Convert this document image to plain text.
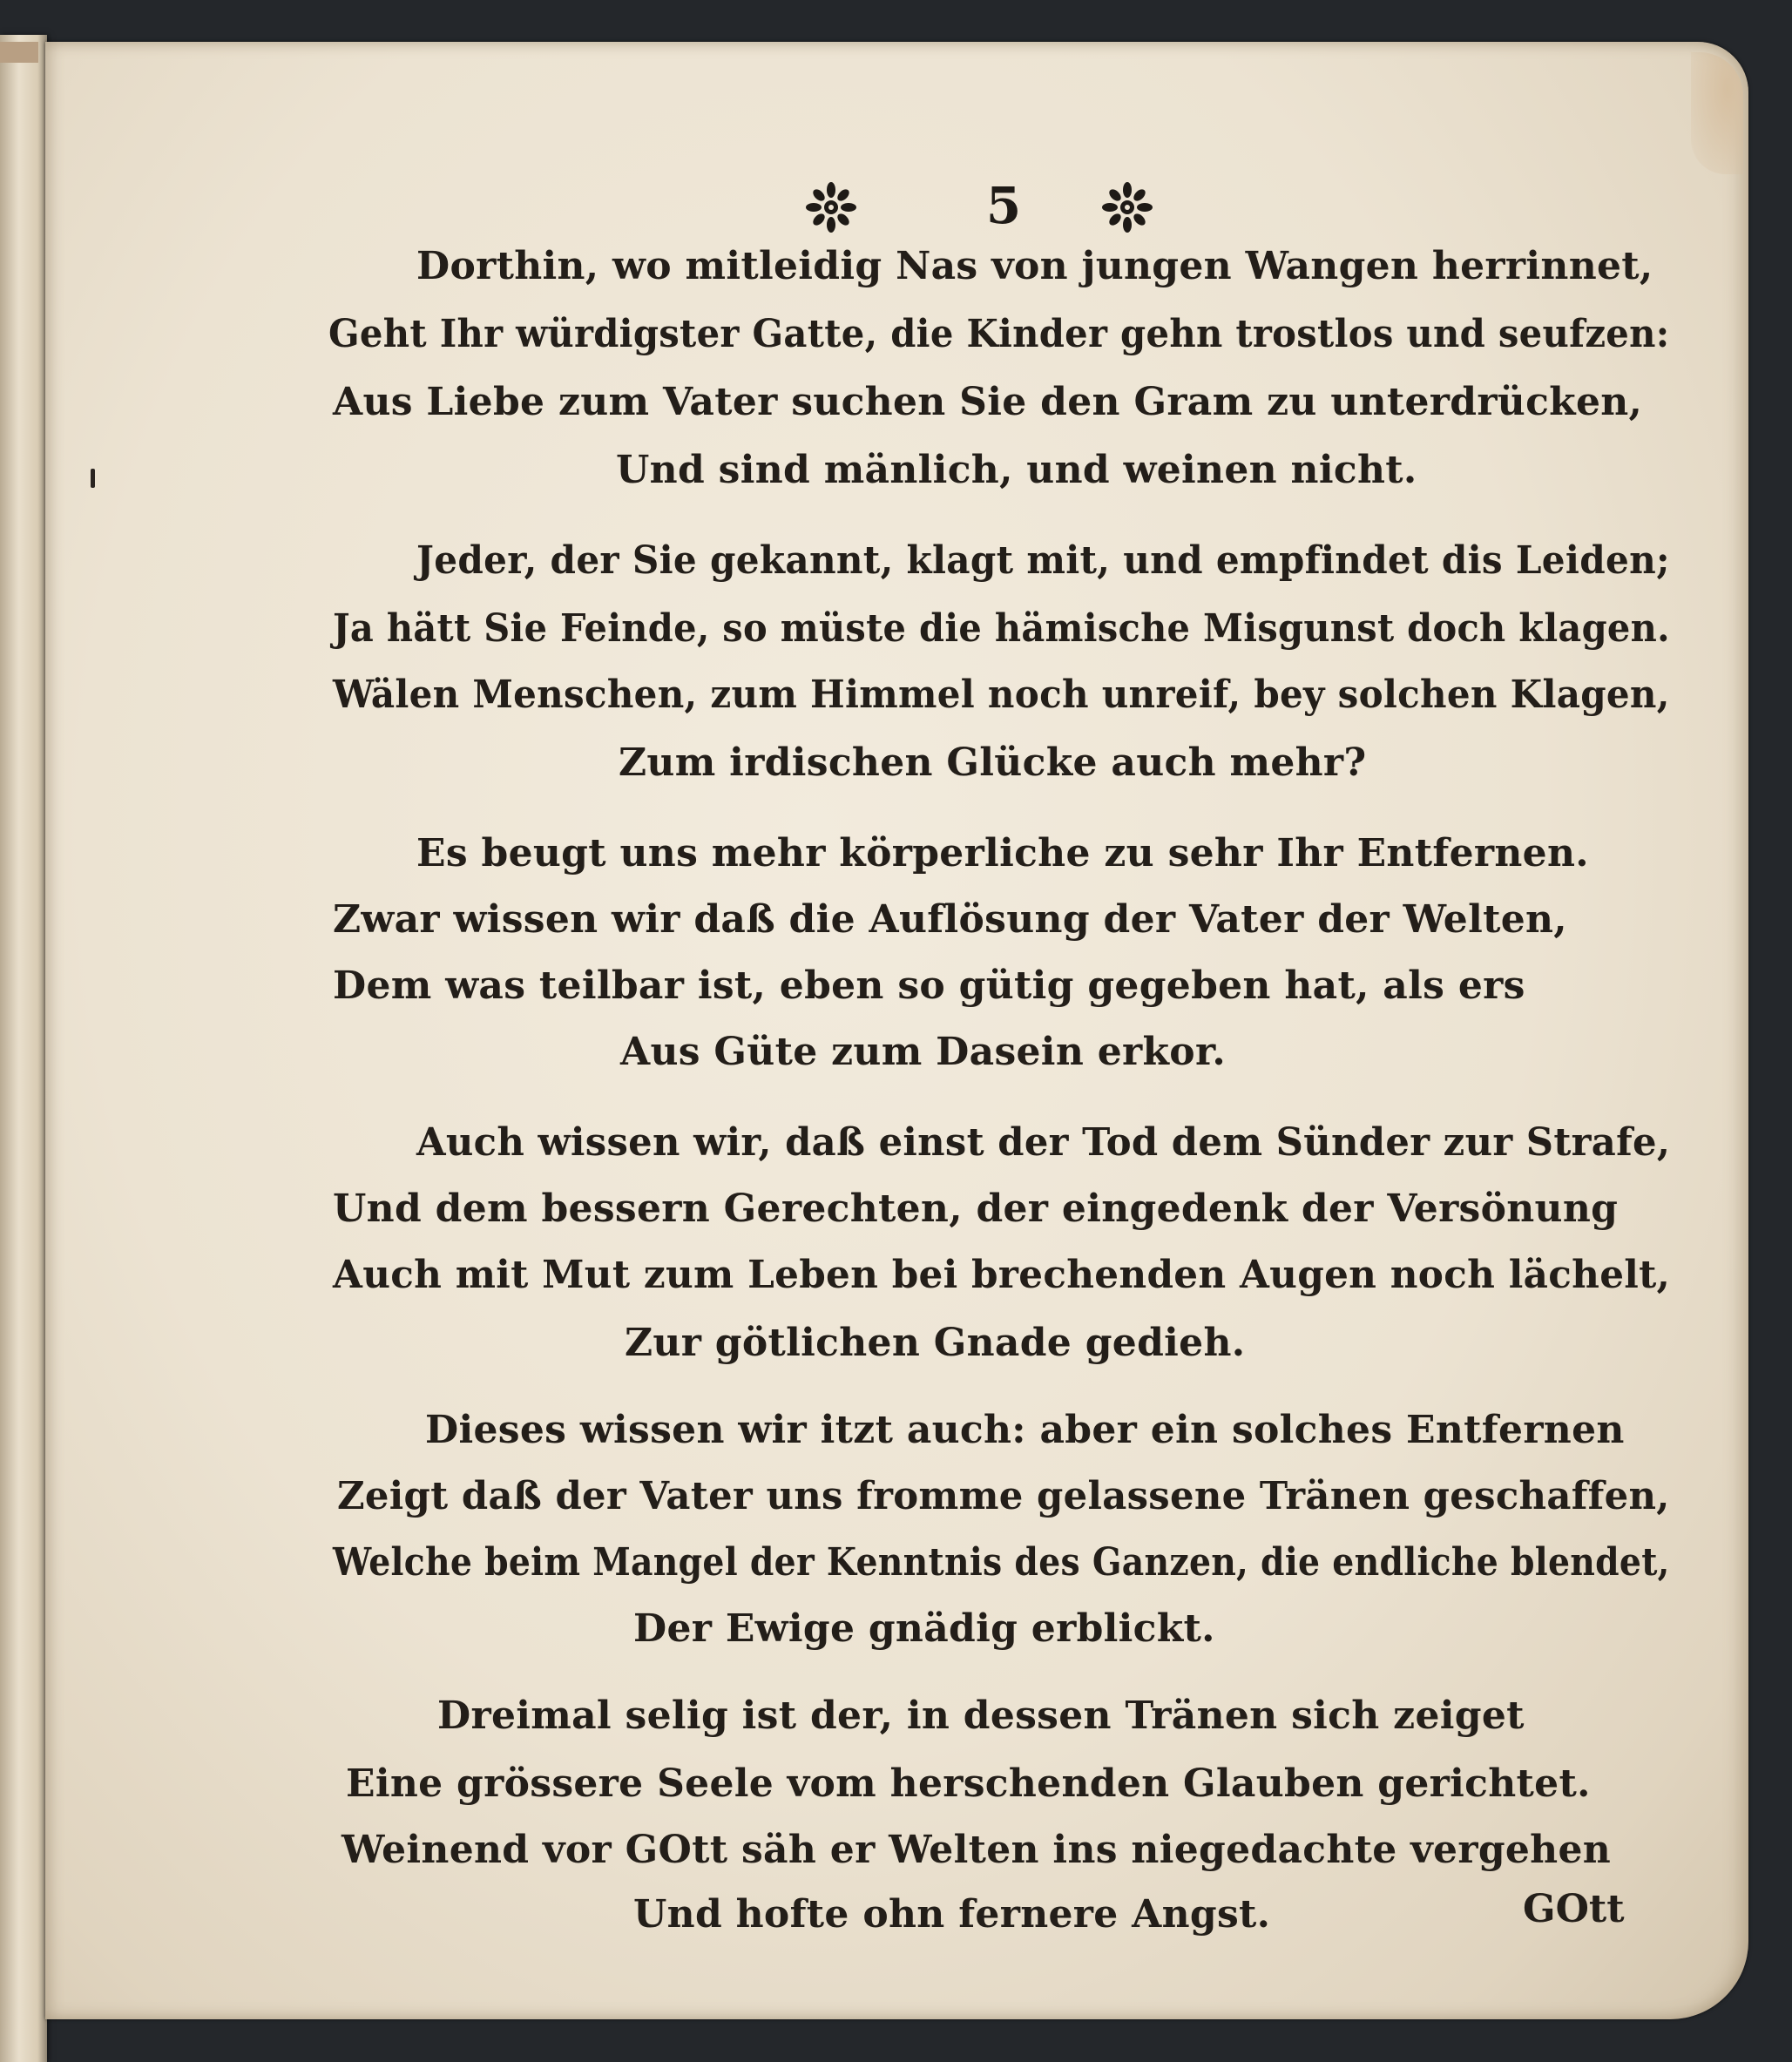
5
Dorthin, wo mitleidig Nas von jungen Wangen herrinnet,
Geht Ihr würdigster Gatte, die Kinder gehn trostlos und seufzen:
Aus Liebe zum Vater suchen Sie den Gram zu unterdrücken,
Und sind mänlich, und weinen nicht.
Jeder, der Sie gekannt, klagt mit, und empfindet dis Leiden;
Ja hätt Sie Feinde, so müste die hämische Misgunst doch klagen.
Wälen Menschen, zum Himmel noch unreif, bey solchen Klagen,
Zum irdischen Glücke auch mehr?
Es beugt uns mehr körperliche zu sehr Ihr Entfernen.
Zwar wissen wir daß die Auflösung der Vater der Welten,
Dem was teilbar ist, eben so gütig gegeben hat, als ers
Aus Güte zum Dasein erkor.
Auch wissen wir, daß einst der Tod dem Sünder zur Strafe,
Und dem bessern Gerechten, der eingedenk der Versönung
Auch mit Mut zum Leben bei brechenden Augen noch lächelt,
Zur götlichen Gnade gedieh.
Dieses wissen wir itzt auch: aber ein solches Entfernen
Zeigt daß der Vater uns fromme gelassene Tränen geschaffen,
Welche beim Mangel der Kenntnis des Ganzen, die endliche blendet,
Der Ewige gnädig erblickt.
Dreimal selig ist der, in dessen Tränen sich zeiget
Eine grössere Seele vom herschenden Glauben gerichtet.
Weinend vor GOtt säh er Welten ins niegedachte vergehen
Und hofte ohn fernere Angst.	GOtt
